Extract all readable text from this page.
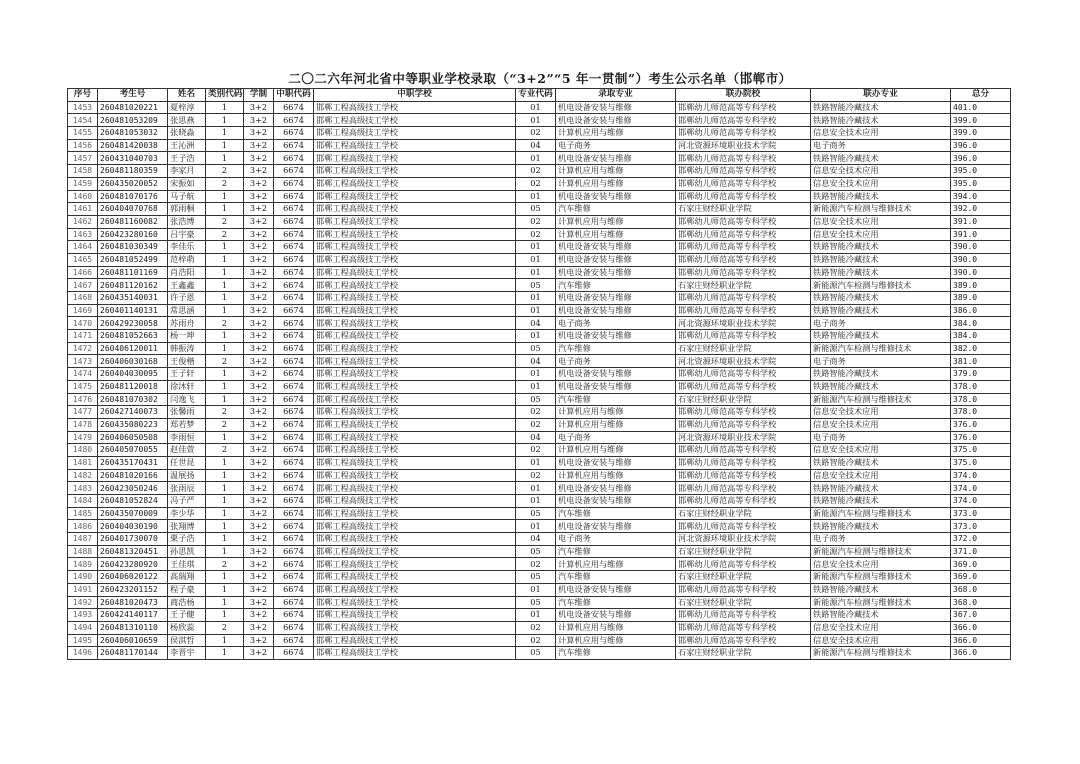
二〇二六年河北省中等职业学校录取（“3+2”“5 年一贯制”）考生公示名单（邯郸市）
序号	考生号	姓名	类别代码	学制	中职代码	中职学校	专业代码	录取专业	联办院校	联办专业	总分
1453	260481020221	夏梓淳	1	3+2	6674	邯郸工程高级技工学校	01	机电设备安装与维修	邯郸幼儿师范高等专科学校	铁路智能冷藏技术	401.0
1454	260481053209	张思燕	1	3+2	6674	邯郸工程高级技工学校	01	机电设备安装与维修	邯郸幼儿师范高等专科学校	铁路智能冷藏技术	399.0
1455	260481053032	张晓淼	1	3+2	6674	邯郸工程高级技工学校	02	计算机应用与维修	邯郸幼儿师范高等专科学校	信息安全技术应用	399.0
1456	260481420038	王沁洲	1	3+2	6674	邯郸工程高级技工学校	04	电子商务	河北资源环境职业技术学院	电子商务	396.0
1457	260431040703	王子浩	1	3+2	6674	邯郸工程高级技工学校	01	机电设备安装与维修	邯郸幼儿师范高等专科学校	铁路智能冷藏技术	396.0
1458	260481180359	李家月	2	3+2	6674	邯郸工程高级技工学校	02	计算机应用与维修	邯郸幼儿师范高等专科学校	信息安全技术应用	395.0
1459	260435020052	宋振如	2	3+2	6674	邯郸工程高级技工学校	02	计算机应用与维修	邯郸幼儿师范高等专科学校	信息安全技术应用	395.0
1460	260481070176	马子航	1	3+2	6674	邯郸工程高级技工学校	01	机电设备安装与维修	邯郸幼儿师范高等专科学校	铁路智能冷藏技术	394.0
1461	260404070768	郭雨桐	1	3+2	6674	邯郸工程高级技工学校	05	汽车维修	石家庄财经职业学院	新能源汽车检测与维修技术	392.0
1462	260481160082	张浩博	2	3+2	6674	邯郸工程高级技工学校	02	计算机应用与维修	邯郸幼儿师范高等专科学校	信息安全技术应用	391.0
1463	260423280160	吕宇豪	2	3+2	6674	邯郸工程高级技工学校	02	计算机应用与维修	邯郸幼儿师范高等专科学校	信息安全技术应用	391.0
1464	260481030349	李佳乐	1	3+2	6674	邯郸工程高级技工学校	01	机电设备安装与维修	邯郸幼儿师范高等专科学校	铁路智能冷藏技术	390.0
1465	260481052499	范梓萌	1	3+2	6674	邯郸工程高级技工学校	01	机电设备安装与维修	邯郸幼儿师范高等专科学校	铁路智能冷藏技术	390.0
1466	260481101169	肖浩阳	1	3+2	6674	邯郸工程高级技工学校	01	机电设备安装与维修	邯郸幼儿师范高等专科学校	铁路智能冷藏技术	390.0
1467	260481120162	王鑫鑫	1	3+2	6674	邯郸工程高级技工学校	05	汽车维修	石家庄财经职业学院	新能源汽车检测与维修技术	389.0
1468	260435140031	许子恩	1	3+2	6674	邯郸工程高级技工学校	01	机电设备安装与维修	邯郸幼儿师范高等专科学校	铁路智能冷藏技术	389.0
1469	260401140131	常思涵	1	3+2	6674	邯郸工程高级技工学校	01	机电设备安装与维修	邯郸幼儿师范高等专科学校	铁路智能冷藏技术	386.0
1470	260429230058	苏雨舟	2	3+2	6674	邯郸工程高级技工学校	04	电子商务	河北资源环境职业技术学院	电子商务	384.0
1471	260481052663	杨一坤	1	3+2	6674	邯郸工程高级技工学校	01	机电设备安装与维修	邯郸幼儿师范高等专科学校	铁路智能冷藏技术	384.0
1472	260406120011	韩振涛	1	3+2	6674	邯郸工程高级技工学校	05	汽车维修	石家庄财经职业学院	新能源汽车检测与维修技术	382.0
1473	260406030168	王俊楷	2	3+2	6674	邯郸工程高级技工学校	04	电子商务	河北资源环境职业技术学院	电子商务	381.0
1474	260404030095	王子轩	1	3+2	6674	邯郸工程高级技工学校	01	机电设备安装与维修	邯郸幼儿师范高等专科学校	铁路智能冷藏技术	379.0
1475	260481120018	徐沐轩	1	3+2	6674	邯郸工程高级技工学校	01	机电设备安装与维修	邯郸幼儿师范高等专科学校	铁路智能冷藏技术	378.0
1476	260481070302	闫逸飞	1	3+2	6674	邯郸工程高级技工学校	05	汽车维修	石家庄财经职业学院	新能源汽车检测与维修技术	378.0
1477	260427140073	张馨雨	2	3+2	6674	邯郸工程高级技工学校	02	计算机应用与维修	邯郸幼儿师范高等专科学校	信息安全技术应用	378.0
1478	260435080223	郑若梦	2	3+2	6674	邯郸工程高级技工学校	02	计算机应用与维修	邯郸幼儿师范高等专科学校	信息安全技术应用	376.0
1479	260406050508	李雨恒	1	3+2	6674	邯郸工程高级技工学校	04	电子商务	河北资源环境职业技术学院	电子商务	376.0
1480	260405070055	赵佳萱	2	3+2	6674	邯郸工程高级技工学校	02	计算机应用与维修	邯郸幼儿师范高等专科学校	信息安全技术应用	375.0
1481	260435170431	任世昆	1	3+2	6674	邯郸工程高级技工学校	01	机电设备安装与维修	邯郸幼儿师范高等专科学校	铁路智能冷藏技术	375.0
1482	260481020166	温展扬	1	3+2	6674	邯郸工程高级技工学校	02	计算机应用与维修	邯郸幼儿师范高等专科学校	信息安全技术应用	374.0
1483	260423050246	张雨辰	1	3+2	6674	邯郸工程高级技工学校	01	机电设备安装与维修	邯郸幼儿师范高等专科学校	铁路智能冷藏技术	374.0
1484	260481052824	冯子严	1	3+2	6674	邯郸工程高级技工学校	01	机电设备安装与维修	邯郸幼儿师范高等专科学校	铁路智能冷藏技术	374.0
1485	260435070009	李少华	1	3+2	6674	邯郸工程高级技工学校	05	汽车维修	石家庄财经职业学院	新能源汽车检测与维修技术	373.0
1486	260404030190	张翔博	1	3+2	6674	邯郸工程高级技工学校	01	机电设备安装与维修	邯郸幼儿师范高等专科学校	铁路智能冷藏技术	373.0
1487	260401730070	栗子浩	1	3+2	6674	邯郸工程高级技工学校	04	电子商务	河北资源环境职业技术学院	电子商务	372.0
1488	260481320451	孙思凯	1	3+2	6674	邯郸工程高级技工学校	05	汽车维修	石家庄财经职业学院	新能源汽车检测与维修技术	371.0
1489	260423280920	王佳琪	2	3+2	6674	邯郸工程高级技工学校	02	计算机应用与维修	邯郸幼儿师范高等专科学校	信息安全技术应用	369.0
1490	260406020122	高瑞翔	1	3+2	6674	邯郸工程高级技工学校	05	汽车维修	石家庄财经职业学院	新能源汽车检测与维修技术	369.0
1491	260423201152	程子豪	1	3+2	6674	邯郸工程高级技工学校	01	机电设备安装与维修	邯郸幼儿师范高等专科学校	铁路智能冷藏技术	368.0
1492	260481020473	商浩杨	1	3+2	6674	邯郸工程高级技工学校	05	汽车维修	石家庄财经职业学院	新能源汽车检测与维修技术	368.0
1493	260424140117	王子健	1	3+2	6674	邯郸工程高级技工学校	01	机电设备安装与维修	邯郸幼儿师范高等专科学校	铁路智能冷藏技术	367.0
1494	260481310110	杨欣蕊	2	3+2	6674	邯郸工程高级技工学校	02	计算机应用与维修	邯郸幼儿师范高等专科学校	信息安全技术应用	366.0
1495	260406010659	侯淇哲	1	3+2	6674	邯郸工程高级技工学校	02	计算机应用与维修	邯郸幼儿师范高等专科学校	信息安全技术应用	366.0
1496	260481170144	李晋宇	1	3+2	6674	邯郸工程高级技工学校	05	汽车维修	石家庄财经职业学院	新能源汽车检测与维修技术	366.0
